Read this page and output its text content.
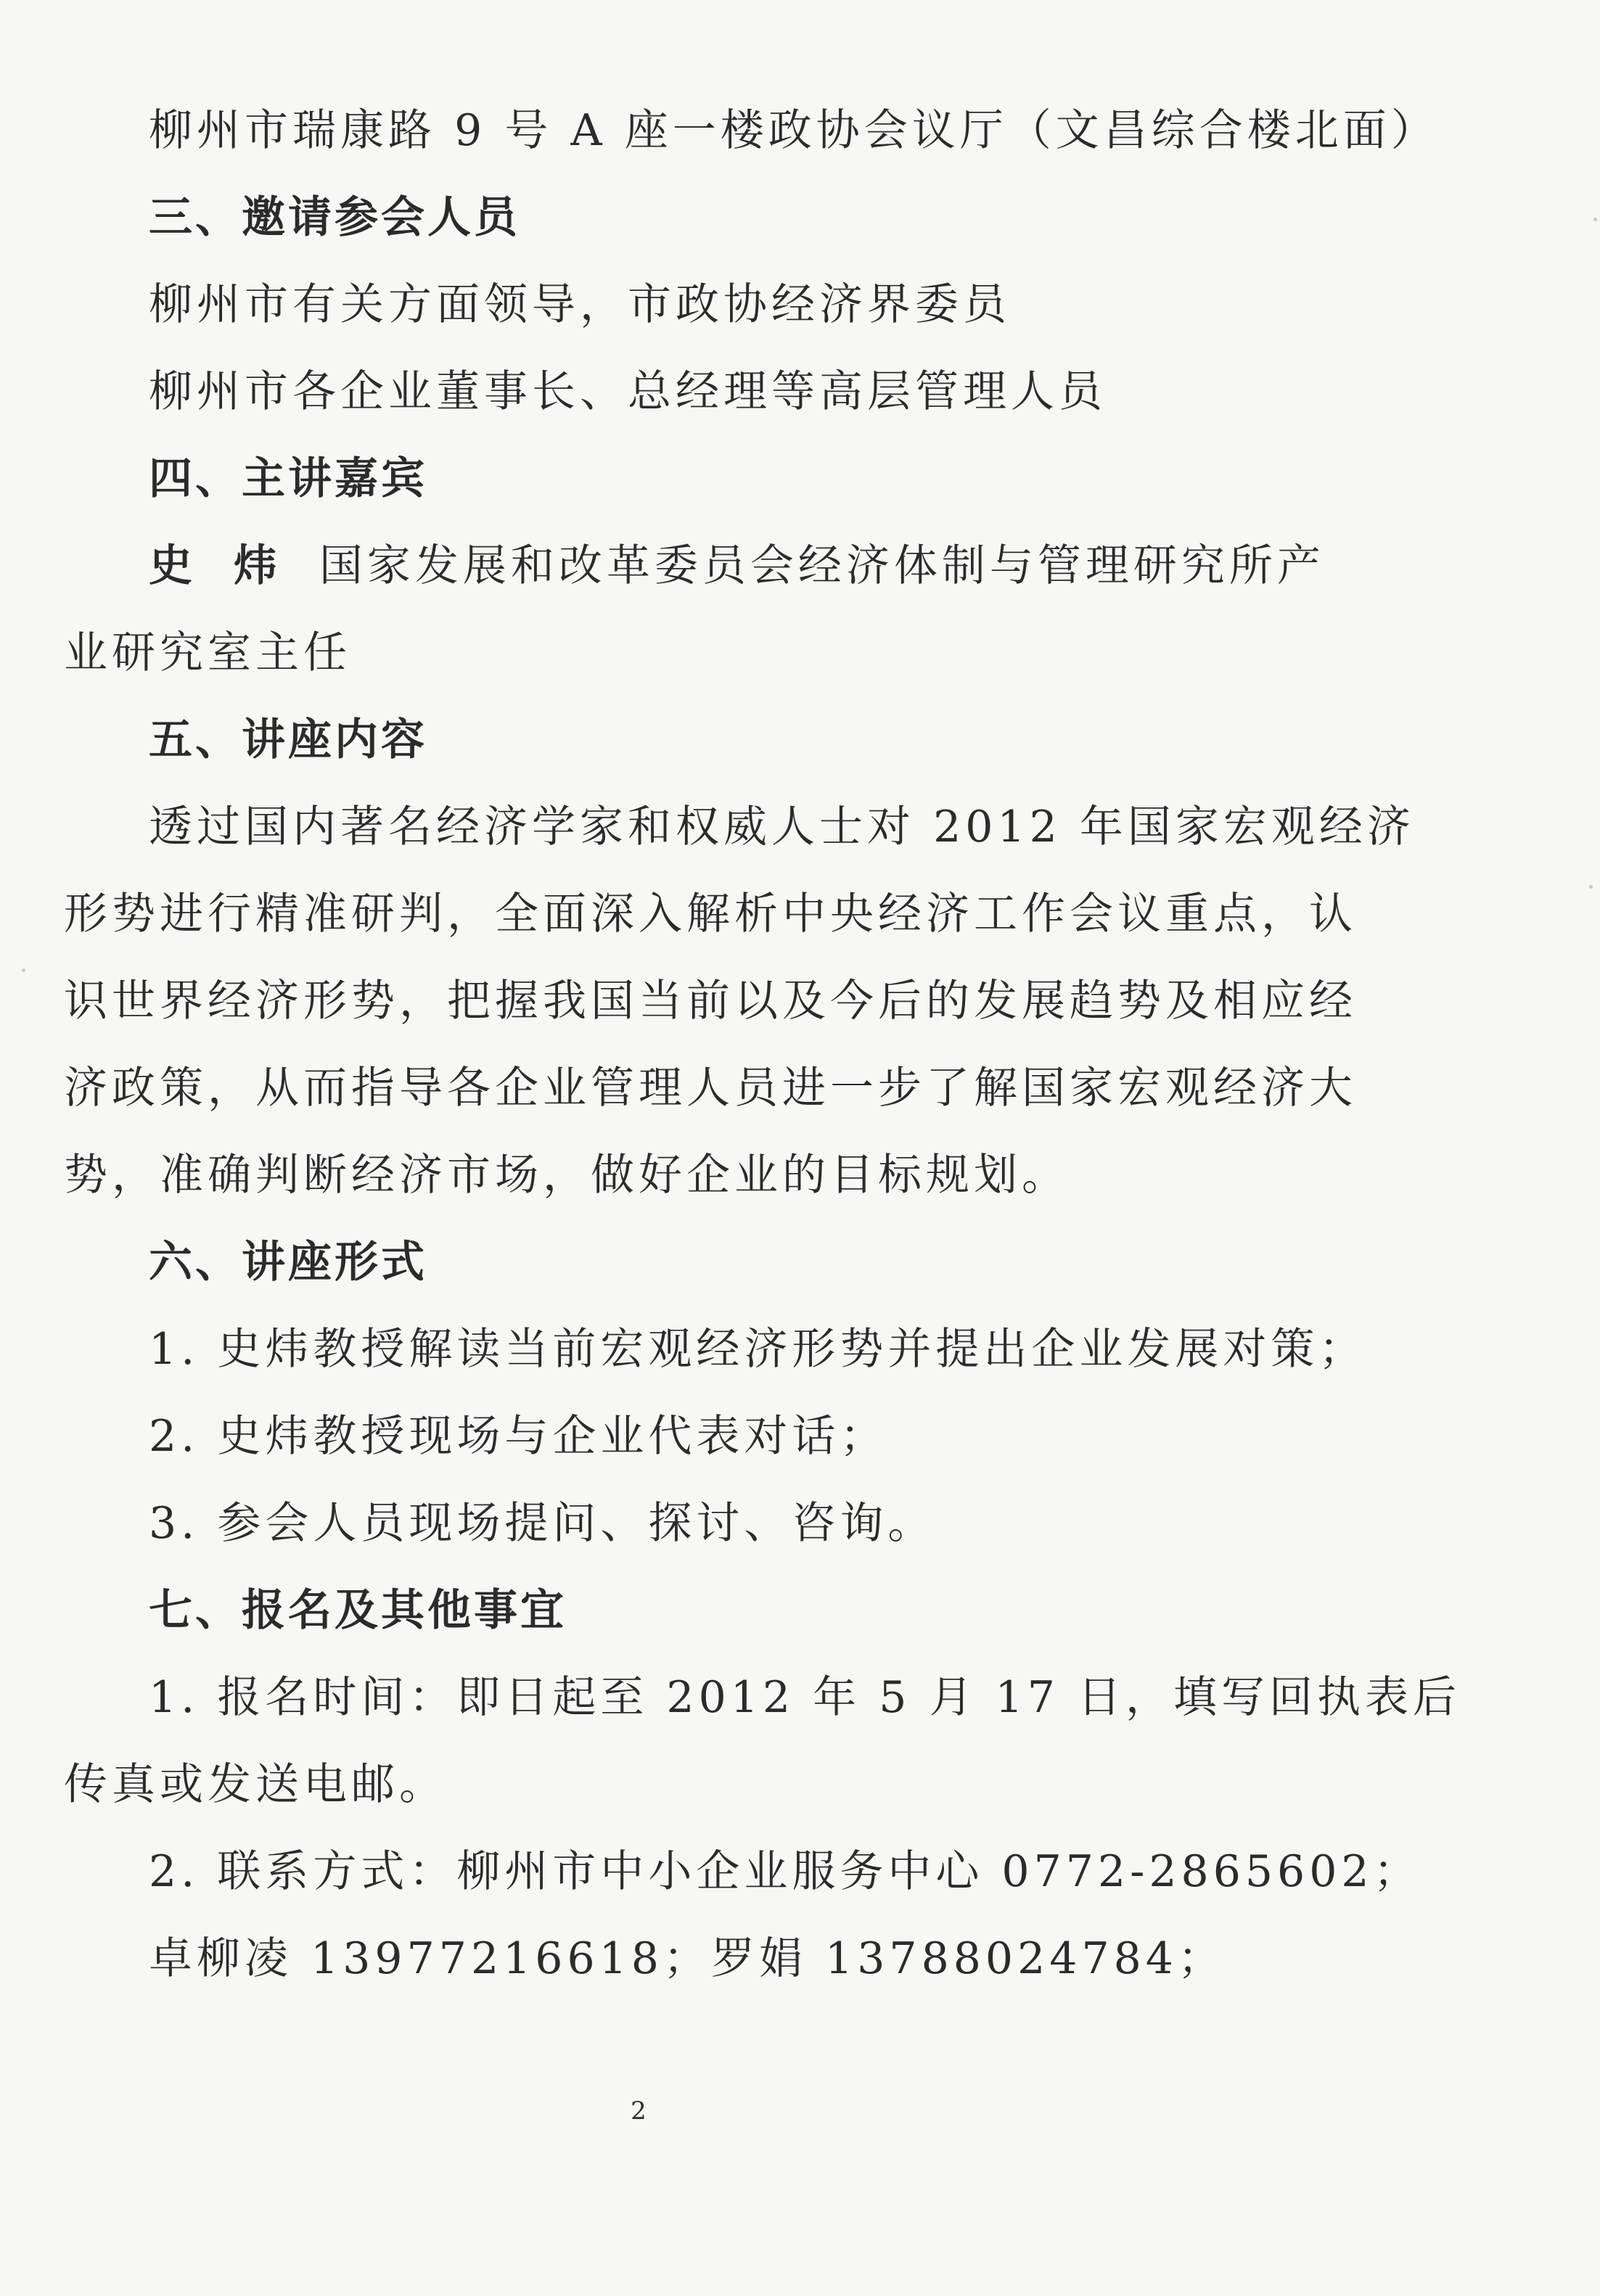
柳州市瑞康路 9 号 A 座一楼政协会议厅（文昌综合楼北面）
三、邀请参会人员
柳州市有关方面领导，市政协经济界委员
柳州市各企业董事长、总经理等高层管理人员
四、主讲嘉宾
史 炜 国家发展和改革委员会经济体制与管理研究所产
业研究室主任
五、讲座内容
透过国内著名经济学家和权威人士对 2012 年国家宏观经济
形势进行精准研判，全面深入解析中央经济工作会议重点，认
识世界经济形势，把握我国当前以及今后的发展趋势及相应经
济政策，从而指导各企业管理人员进一步了解国家宏观经济大
势，准确判断经济市场，做好企业的目标规划。
六、讲座形式
1. 史炜教授解读当前宏观经济形势并提出企业发展对策；
2. 史炜教授现场与企业代表对话；
3. 参会人员现场提问、探讨、咨询。
七、报名及其他事宜
1. 报名时间：即日起至 2012 年 5 月 17 日，填写回执表后
传真或发送电邮。
2. 联系方式：柳州市中小企业服务中心 0772-2865602；
卓柳凌 13977216618；罗娟 13788024784；
2
